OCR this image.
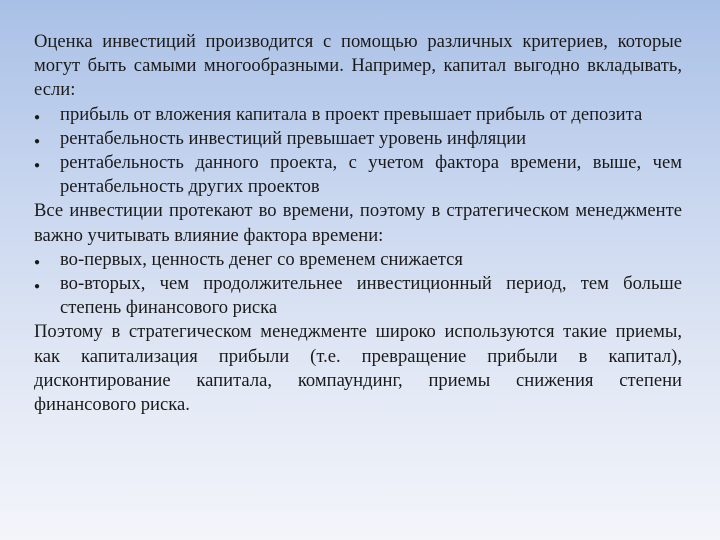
Оценка инвестиций производится с помощью различных критериев, которые могут быть самыми многообразными. Например, капитал выгодно вкладывать, если:

●	прибыль от вложения капитала в проект превышает прибыль от депозита

●	рентабельность инвестиций превышает уровень инфляции

●	рентабельность данного проекта, с учетом фактора времени, выше, чем рентабельность других проектов

Все инвестиции протекают во времени, поэтому в стратегическом менеджменте важно учитывать влияние фактора времени:

●	во-первых, ценность денег со временем снижается

●	во-вторых, чем продолжительнее инвестиционный период, тем больше степень финансового риска

Поэтому в стратегическом менеджменте широко используются такие приемы, как капитализация прибыли (т.е. превращение прибыли в капитал), дисконтирование капитала, компаундинг, приемы снижения степени финансового риска.
